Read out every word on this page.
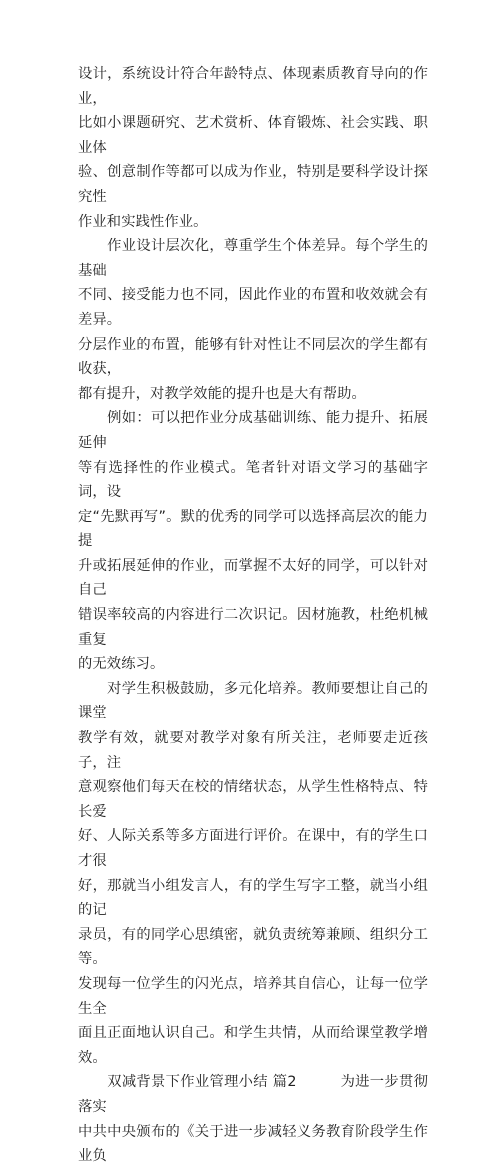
设计，系统设计符合年龄特点、体现素质教育导向的作业，
比如小课题研究、艺术赏析、体育锻炼、社会实践、职业体
验、创意制作等都可以成为作业，特别是要科学设计探究性
作业和实践性作业。

　　作业设计层次化，尊重学生个体差异。每个学生的基础
不同、接受能力也不同，因此作业的布置和收效就会有差异。
分层作业的布置，能够有针对性让不同层次的学生都有收获，
都有提升，对教学效能的提升也是大有帮助。

　　例如：可以把作业分成基础训练、能力提升、拓展延伸
等有选择性的作业模式。笔者针对语文学习的基础字词，设
定“先默再写”。默的优秀的同学可以选择高层次的能力提
升或拓展延伸的作业，而掌握不太好的同学，可以针对自己
错误率较高的内容进行二次识记。因材施教，杜绝机械重复
的无效练习。

　　对学生积极鼓励，多元化培养。教师要想让自己的课堂
教学有效，就要对教学对象有所关注，老师要走近孩子，注
意观察他们每天在校的情绪状态，从学生性格特点、特长爱
好、人际关系等多方面进行评价。在课中，有的学生口才很
好，那就当小组发言人，有的学生写字工整，就当小组的记
录员，有的同学心思缜密，就负责统筹兼顾、组织分工等。
发现每一位学生的闪光点，培养其自信心，让每一位学生全
面且正面地认识自己。和学生共情，从而给课堂教学增效。

　　双减背景下作业管理小结 篇2　　　为进一步贯彻落实
中共中央颁布的《关于进一步减轻义务教育阶段学生作业负
